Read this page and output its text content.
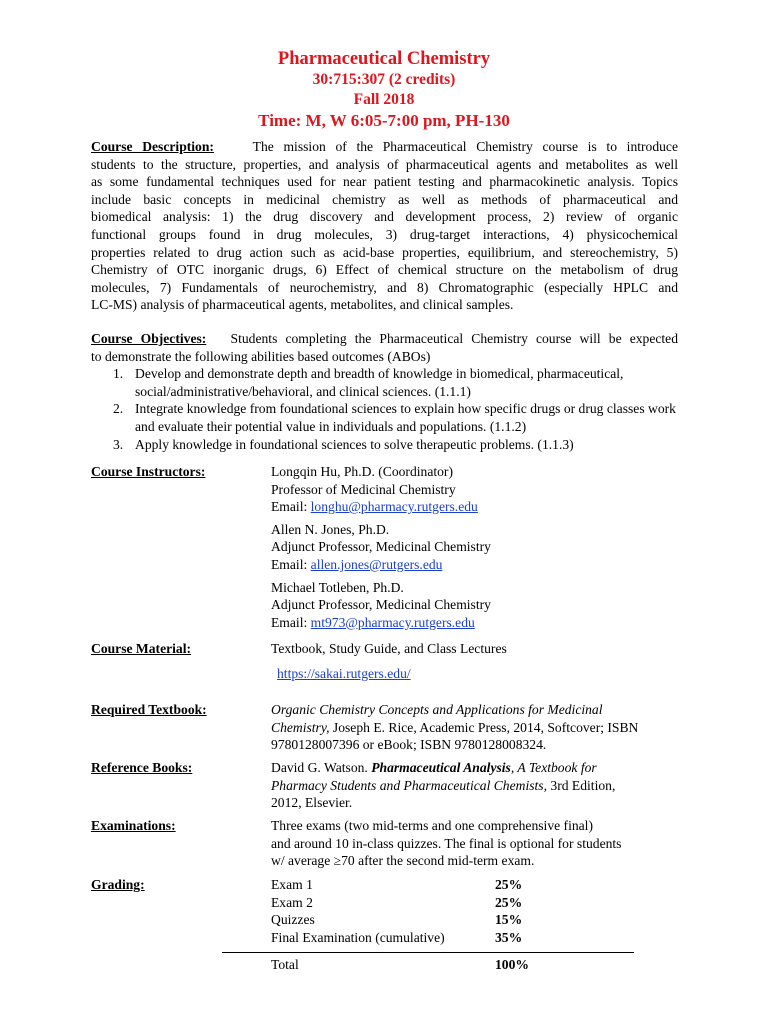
Pharmaceutical Chemistry
30:715:307 (2 credits)
Fall 2018
Time: M, W 6:05-7:00 pm, PH-130
Course Description:	The mission of the Pharmaceutical Chemistry course is to introduce
students to the structure, properties, and analysis of pharmaceutical agents and metabolites as well
as some fundamental techniques used for near patient testing and pharmacokinetic analysis. Topics
include basic concepts in medicinal chemistry as well as methods of pharmaceutical and
biomedical analysis: 1) the drug discovery and development process, 2) review of organic
functional groups found in drug molecules, 3) drug-target interactions, 4) physicochemical
properties related to drug action such as acid-base properties, equilibrium, and stereochemistry, 5)
Chemistry of OTC inorganic drugs, 6) Effect of chemical structure on the metabolism of drug
molecules, 7) Fundamentals of neurochemistry, and 8) Chromatographic (especially HPLC and
LC-MS) analysis of pharmaceutical agents, metabolites, and clinical samples.
Course Objectives: Students completing the Pharmaceutical Chemistry course will be expected
to demonstrate the following abilities based outcomes (ABOs)
1. Develop and demonstrate depth and breadth of knowledge in biomedical, pharmaceutical, social/administrative/behavioral, and clinical sciences. (1.1.1)
2. Integrate knowledge from foundational sciences to explain how specific drugs or drug classes work and evaluate their potential value in individuals and populations. (1.1.2)
3. Apply knowledge in foundational sciences to solve therapeutic problems. (1.1.3)
Course Instructors:	Longqin Hu, Ph.D. (Coordinator)
Professor of Medicinal Chemistry
Email: longhu@pharmacy.rutgers.edu
Allen N. Jones, Ph.D.
Adjunct Professor, Medicinal Chemistry
Email: allen.jones@rutgers.edu
Michael Totleben, Ph.D.
Adjunct Professor, Medicinal Chemistry
Email: mt973@pharmacy.rutgers.edu
Course Material:	Textbook, Study Guide, and Class Lectures
https://sakai.rutgers.edu/
Required Textbook:	Organic Chemistry Concepts and Applications for Medicinal Chemistry, Joseph E. Rice, Academic Press, 2014, Softcover; ISBN 9780128007396 or eBook; ISBN 9780128008324.
Reference Books:	David G. Watson. Pharmaceutical Analysis, A Textbook for Pharmacy Students and Pharmaceutical Chemists, 3rd Edition, 2012, Elsevier.
Examinations:	Three exams (two mid-terms and one comprehensive final)
and around 10 in-class quizzes. The final is optional for students
w/ average ≥70 after the second mid-term exam.
Grading:	Exam 1	25%
Exam 2	25%
Quizzes	15%
Final Examination (cumulative)	35%
Total	100%
